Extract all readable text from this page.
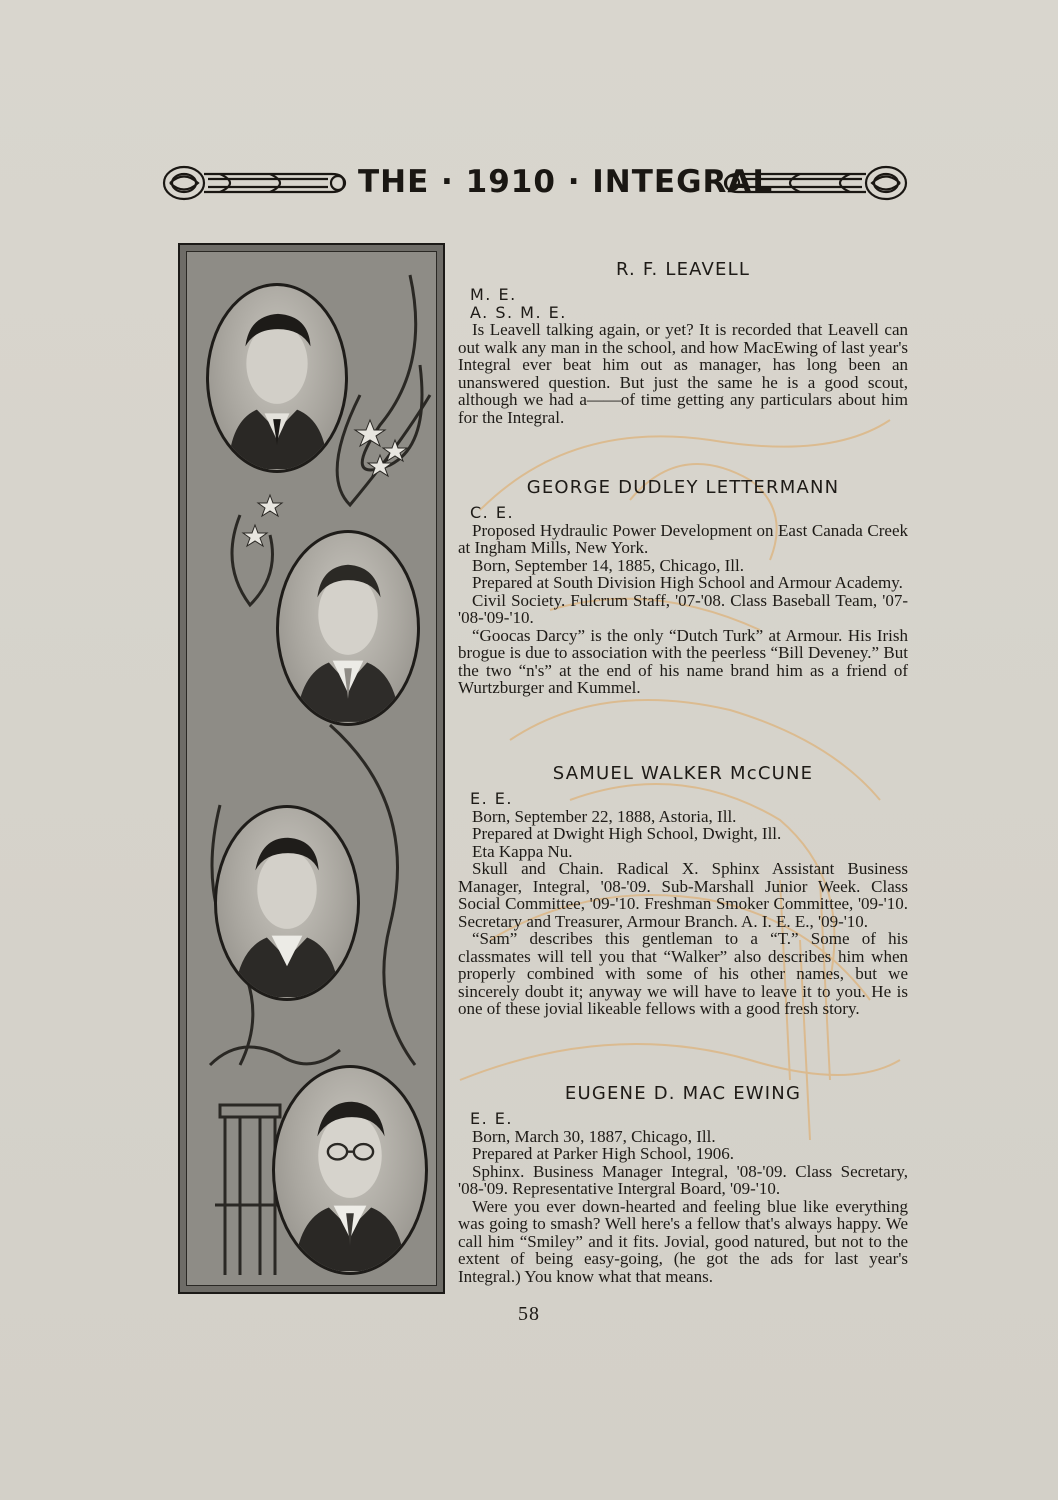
THE · 1910 · INTEGRAL
R. F. LEAVELL
M. E.
A. S. M. E.

Is Leavell talking again, or yet? It is recorded that Leavell can out walk any man in the school, and how MacEwing of last year's Integral ever beat him out as manager, has long been an unanswered question. But just the same he is a good scout, although we had a——of time getting any particulars about him for the Integral.

GEORGE DUDLEY LETTERMANN
C. E.

Proposed Hydraulic Power Development on East Canada Creek at Ingham Mills, New York.

Born, September 14, 1885, Chicago, Ill.

Prepared at South Division High School and Armour Academy.

Civil Society. Fulcrum Staff, '07-'08. Class Baseball Team, '07-'08-'09-'10.

“Goocas Darcy” is the only “Dutch Turk” at Armour. His Irish brogue is due to association with the peerless “Bill Deveney.” But the two “n's” at the end of his name brand him as a friend of Wurtzburger and Kummel.

SAMUEL WALKER McCUNE
E. E.

Born, September 22, 1888, Astoria, Ill.

Prepared at Dwight High School, Dwight, Ill.

Eta Kappa Nu.

Skull and Chain. Radical X. Sphinx Assistant Business Manager, Integral, '08-'09. Sub-Marshall Junior Week. Class Social Committee, '09-'10. Freshman Smoker Committee, '09-'10. Secretary and Treasurer, Armour Branch. A. I. E. E., '09-'10.

“Sam” describes this gentleman to a “T.” Some of his classmates will tell you that “Walker” also describes him when properly combined with some of his other names, but we sincerely doubt it; anyway we will have to leave it to you. He is one of these jovial likeable fellows with a good fresh story.

EUGENE D. MAC EWING
E. E.

Born, March 30, 1887, Chicago, Ill.

Prepared at Parker High School, 1906.

Sphinx. Business Manager Integral, '08-'09. Class Secretary, '08-'09. Representative Intergral Board, '09-'10.

Were you ever down-hearted and feeling blue like everything was going to smash? Well here's a fellow that's always happy. We call him “Smiley” and it fits. Jovial, good natured, but not to the extent of being easy-going, (he got the ads for last year's Integral.) You know what that means.

58
